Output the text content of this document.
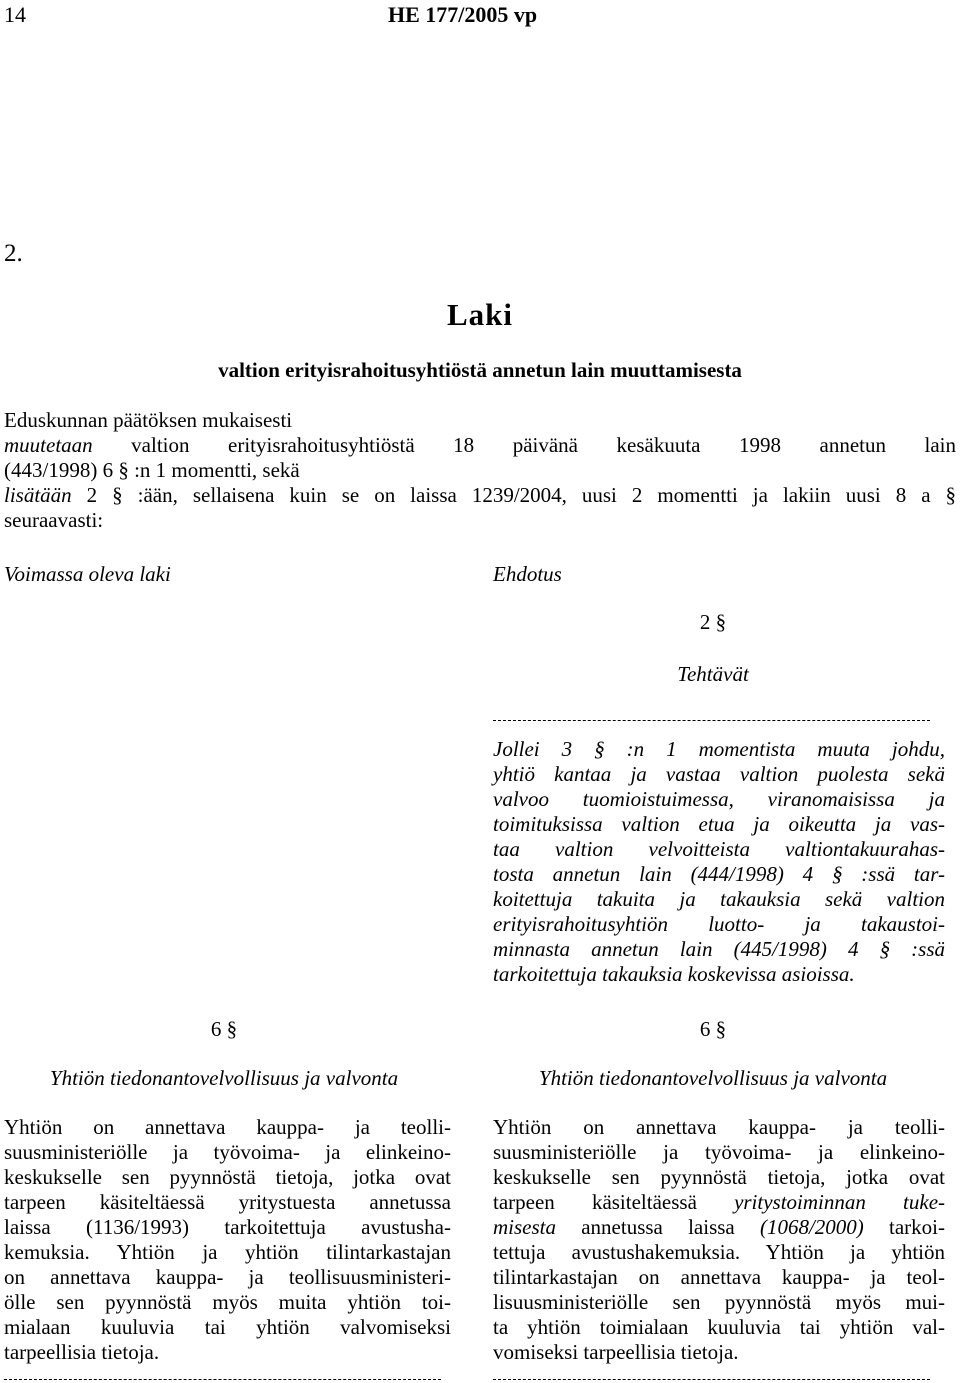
14	HE 177/2005 vp
2.
Laki
valtion erityisrahoitusyhtiöstä annetun lain muuttamisesta
Eduskunnan päätöksen mukaisesti
muutetaan valtion erityisrahoitusyhtiöstä 18 päivänä kesäkuuta 1998 annetun lain
(443/1998) 6 § :n 1 momentti, sekä
lisätään 2 § :ään, sellaisena kuin se on laissa 1239/2004, uusi 2 momentti ja lakiin uusi 8 a §
seuraavasti:
Voimassa oleva laki	Ehdotus
2 §
Tehtävät
Jollei 3 § :n 1 momentista muuta johdu,
yhtiö kantaa ja vastaa valtion puolesta sekä
valvoo tuomioistuimessa, viranomaisissa ja
toimituksissa valtion etua ja oikeutta ja vas-
taa valtion velvoitteista valtiontakuurahas-
tosta annetun lain (444/1998) 4 § :ssä tar-
koitettuja takuita ja takauksia sekä valtion
erityisrahoitusyhtiön luotto- ja takaustoi-
minnasta annetun lain (445/1998) 4 § :ssä
tarkoitettuja takauksia koskevissa asioissa.
6 §
Yhtiön tiedonantovelvollisuus ja valvonta
Yhtiön on annettava kauppa- ja teolli-
suusministeriölle ja työvoima- ja elinkeino-
keskukselle sen pyynnöstä tietoja, jotka ovat
tarpeen käsiteltäessä yritystoiminnan tuke-
misesta annetussa laissa (1068/2000) tarkoi-
tettuja avustushakemuksia. Yhtiön ja yhtiön
tilintarkastajan on annettava kauppa- ja teol-
lisuusministeriölle sen pyynnöstä myös mui-
ta yhtiön toimialaan kuuluvia tai yhtiön val-
vomiseksi tarpeellisia tietoja.
6 §
Yhtiön tiedonantovelvollisuus ja valvonta
Yhtiön on annettava kauppa- ja teolli-
suusministeriölle ja työvoima- ja elinkeino-
keskukselle sen pyynnöstä tietoja, jotka ovat
tarpeen käsiteltäessä yritystuesta annetussa
laissa (1136/1993) tarkoitettuja avustusha-
kemuksia. Yhtiön ja yhtiön tilintarkastajan
on annettava kauppa- ja teollisuusministeri-
ölle sen pyynnöstä myös muita yhtiön toi-
mialaan kuuluvia tai yhtiön valvomiseksi
tarpeellisia tietoja.
